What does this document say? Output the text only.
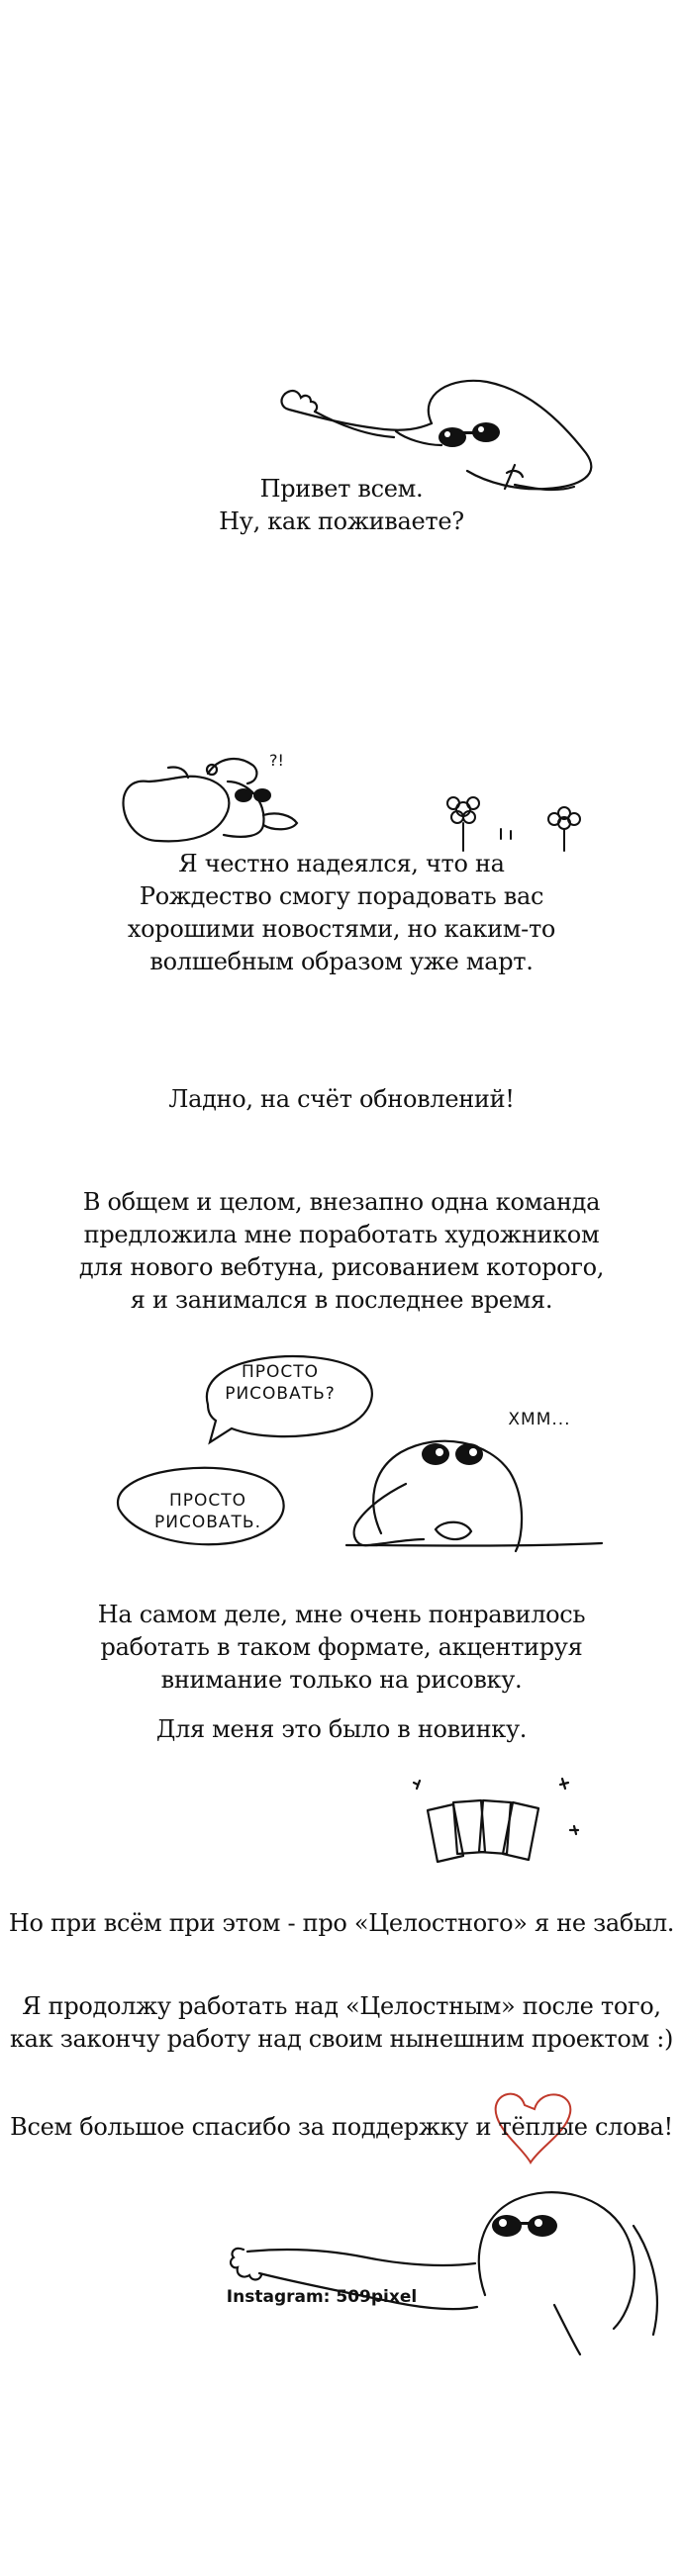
Привет всем.
Ну, как поживаете?
?!
Я честно надеялся, что на
Рождество смогу порадовать вас
хорошими новостями, но каким-то
волшебным образом уже март.
Ладно, на счёт обновлений!
В общем и целом, внезапно одна команда
предложила мне поработать художником
для нового вебтуна, рисованием которого,
я и занимался в последнее время.
ПРОСТО
РИСОВАТЬ?
ПРОСТО
РИСОВАТЬ.
ХММ...
На самом деле, мне очень понравилось
работать в таком формате, акцентируя
внимание только на рисовку.
Для меня это было в новинку.
Но при всём при этом - про «Целостного» я не забыл.
Я продолжу работать над «Целостным» после того,
как закончу работу над своим нынешним проектом :)
Всем большое спасибо за поддержку и тёплые слова!
Instagram: 509pixel
